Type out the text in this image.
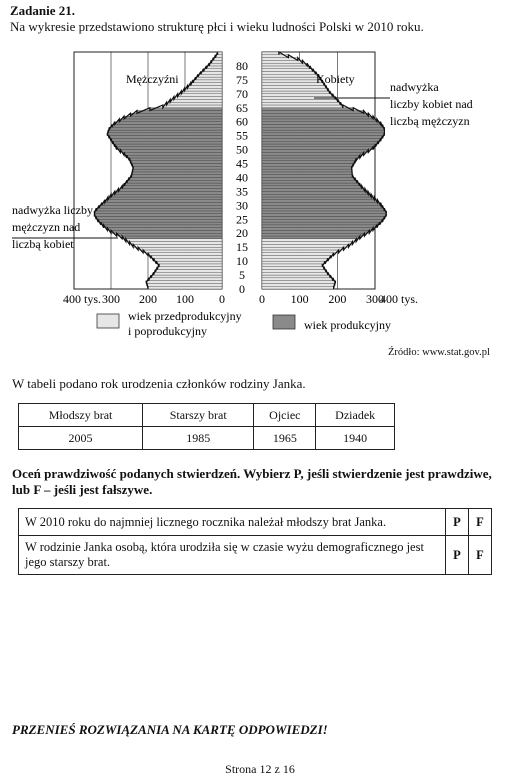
Zadanie 21.
Na wykresie przedstawiono strukturę płci i wieku ludności Polski w 2010 roku.
0
5
10
15
20
25
30
35
40
45
50
55
60
65
70
75
80
0	0
100	100
200	200
300	300
400 tys.	400 tys.
Mężczyźni	Kobiety
nadwyżka
liczby kobiet nad
liczbą mężczyzn
nadwyżka liczby
mężczyzn nad
liczbą kobiet
wiek przedprodukcyjny
i poprodukcyjny	wiek produkcyjny
Źródło: www.stat.gov.pl
W tabeli podano rok urodzenia członków rodziny Janka.
Młodszy brat	Starszy brat	Ojciec	Dziadek
2005	1985	1965	1940
Oceń prawdziwość podanych stwierdzeń. Wybierz P, jeśli stwierdzenie jest prawdziwe, lub F – jeśli jest fałszywe.
W 2010 roku do najmniej licznego rocznika należał młodszy brat Janka.	P	F
W rodzinie Janka osobą, która urodziła się w czasie wyżu demograficznego jest jego starszy brat.	P	F
PRZENIEŚ ROZWIĄZANIA NA KARTĘ ODPOWIEDZI!
Strona 12 z 16
